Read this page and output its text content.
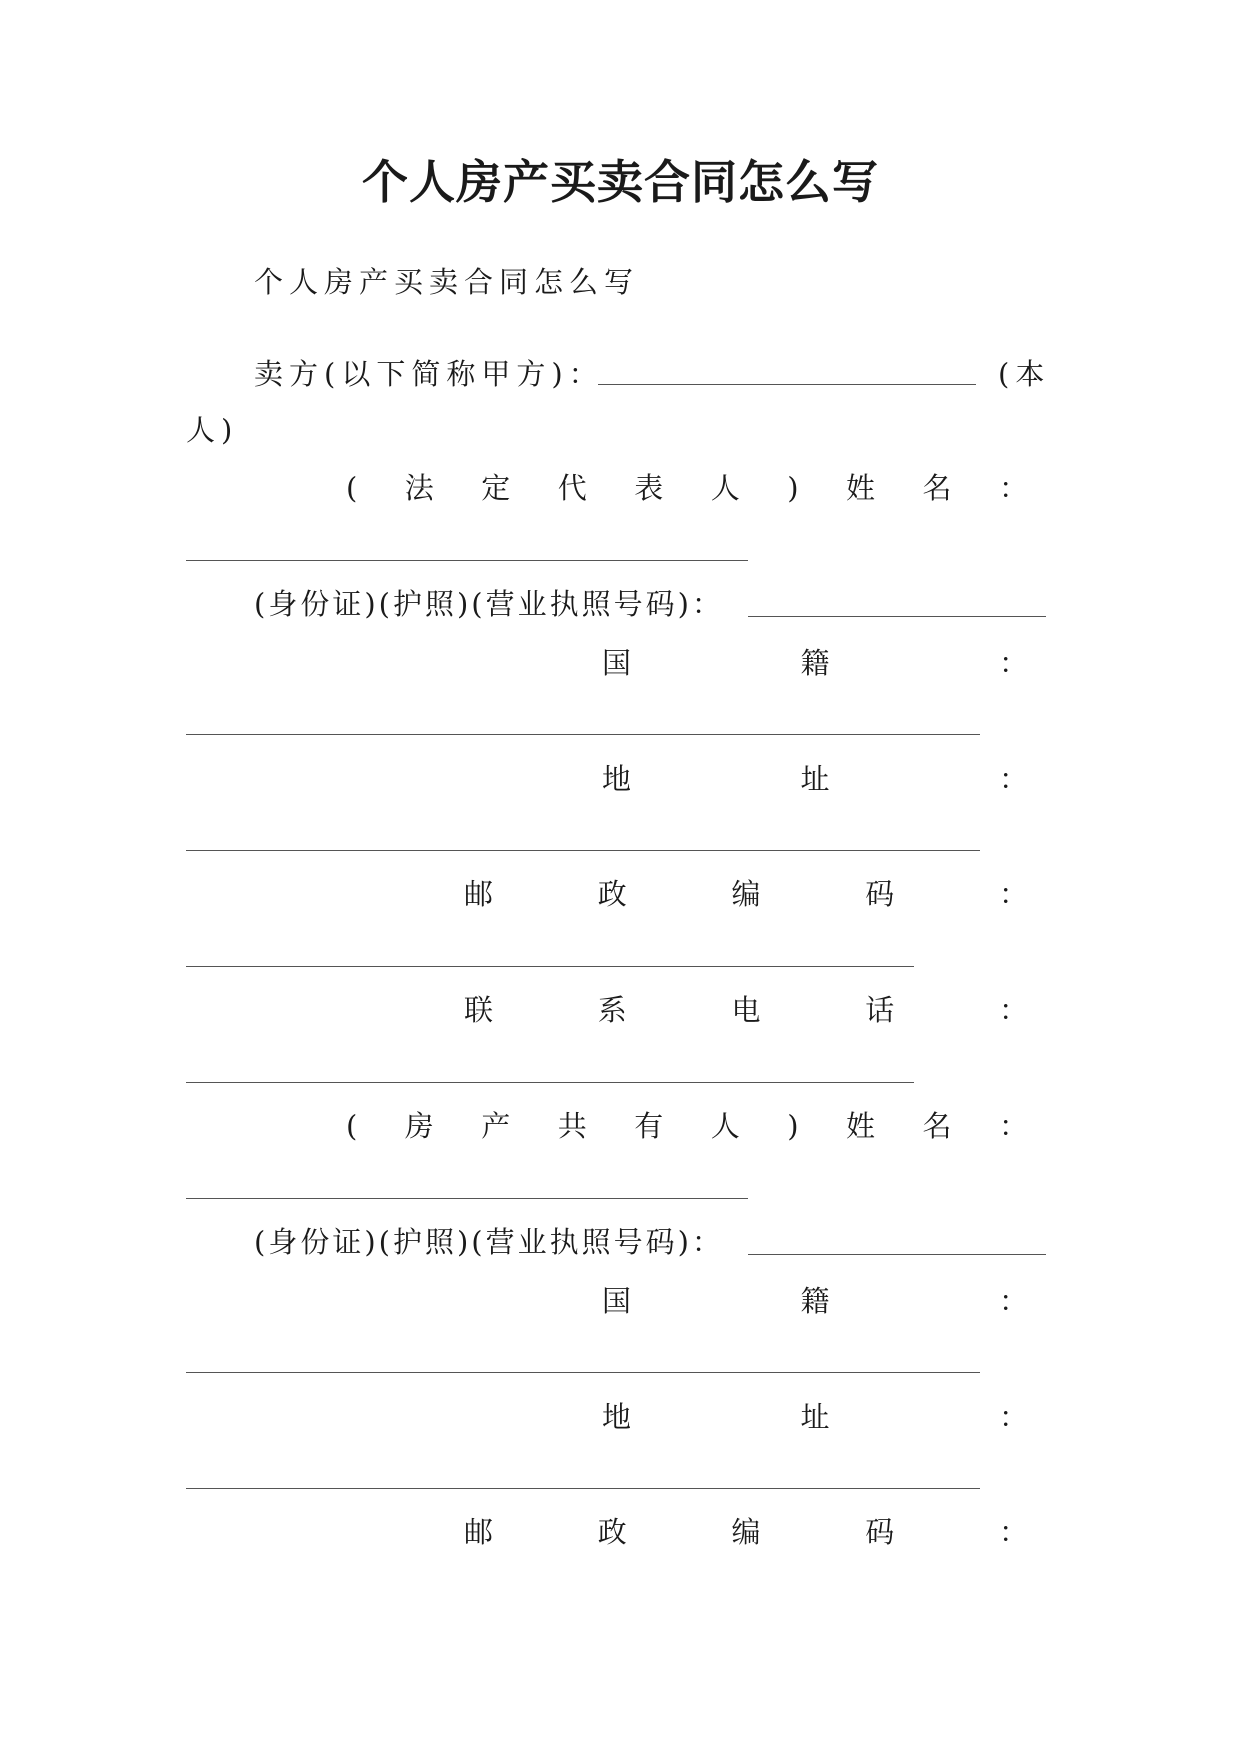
个人房产买卖合同怎么写
个人房产买卖合同怎么写
卖方(以下简称甲方)：	(本
人)
( 法 定 代 表 人 ) 姓 名 ：
(身份证)(护照)(营业执照号码)：
国	籍	：
地	址	：
邮	政	编	码	：
联	系	电	话	：
( 房 产 共 有 人 ) 姓 名 ：
(身份证)(护照)(营业执照号码)：
国	籍	：
地	址	：
邮	政	编	码	：
